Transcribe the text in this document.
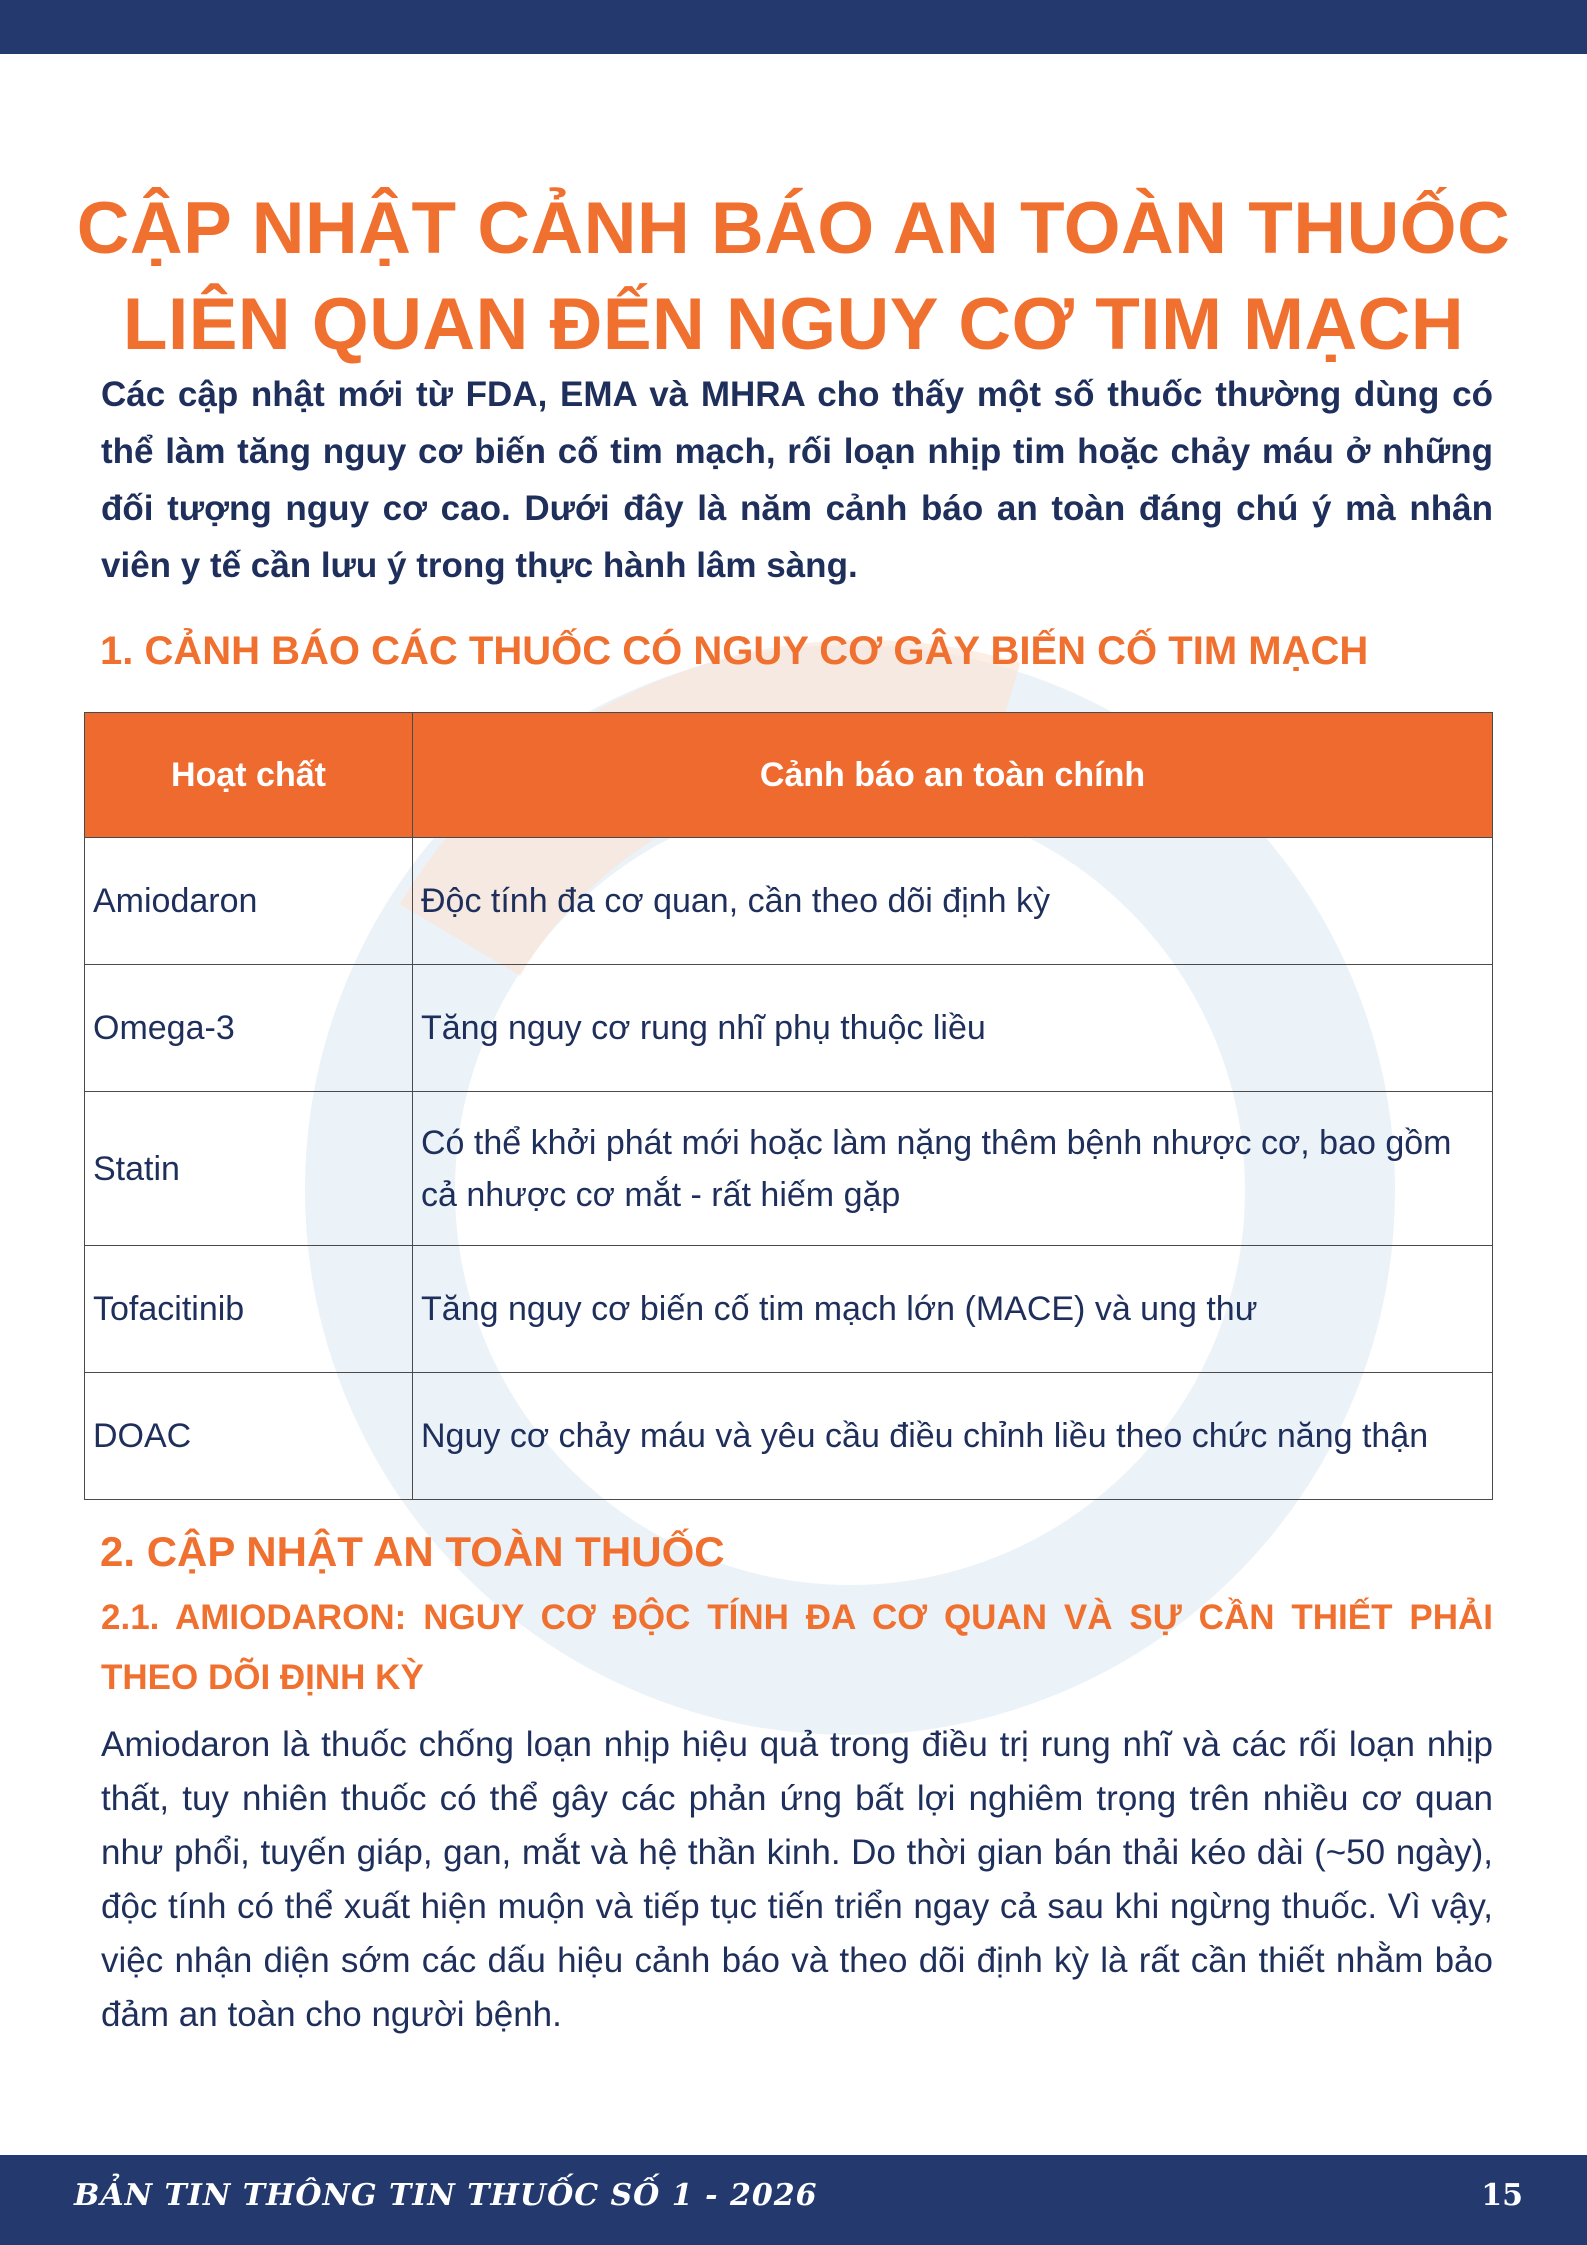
CẬP NHẬT CẢNH BÁO AN TOÀN THUỐC
LIÊN QUAN ĐẾN NGUY CƠ TIM MẠCH

Các cập nhật mới từ FDA, EMA và MHRA cho thấy một số thuốc thường dùng có thể làm tăng nguy cơ biến cố tim mạch, rối loạn nhịp tim hoặc chảy máu ở những đối tượng nguy cơ cao. Dưới đây là năm cảnh báo an toàn đáng chú ý mà nhân viên y tế cần lưu ý trong thực hành lâm sàng.

1. CẢNH BÁO CÁC THUỐC CÓ NGUY CƠ GÂY BIẾN CỐ TIM MẠCH
Hoạt chất	Cảnh báo an toàn chính
Amiodaron	Độc tính đa cơ quan, cần theo dõi định kỳ
Omega-3	Tăng nguy cơ rung nhĩ phụ thuộc liều
Statin	Có thể khởi phát mới hoặc làm nặng thêm bệnh nhược cơ, bao gồm cả nhược cơ mắt - rất hiếm gặp
Tofacitinib	Tăng nguy cơ biến cố tim mạch lớn (MACE) và ung thư
DOAC	Nguy cơ chảy máu và yêu cầu điều chỉnh liều theo chức năng thận
2. CẬP NHẬT AN TOÀN THUỐC
2.1. AMIODARON: NGUY CƠ ĐỘC TÍNH ĐA CƠ QUAN VÀ SỰ CẦN THIẾT PHẢI THEO DÕI ĐỊNH KỲ

Amiodaron là thuốc chống loạn nhịp hiệu quả trong điều trị rung nhĩ và các rối loạn nhịp thất, tuy nhiên thuốc có thể gây các phản ứng bất lợi nghiêm trọng trên nhiều cơ quan như phổi, tuyến giáp, gan, mắt và hệ thần kinh. Do thời gian bán thải kéo dài (~50 ngày), độc tính có thể xuất hiện muộn và tiếp tục tiến triển ngay cả sau khi ngừng thuốc. Vì vậy, việc nhận diện sớm các dấu hiệu cảnh báo và theo dõi định kỳ là rất cần thiết nhằm bảo đảm an toàn cho người bệnh.

BẢN TIN THÔNG TIN THUỐC SỐ 1 - 2026	15
